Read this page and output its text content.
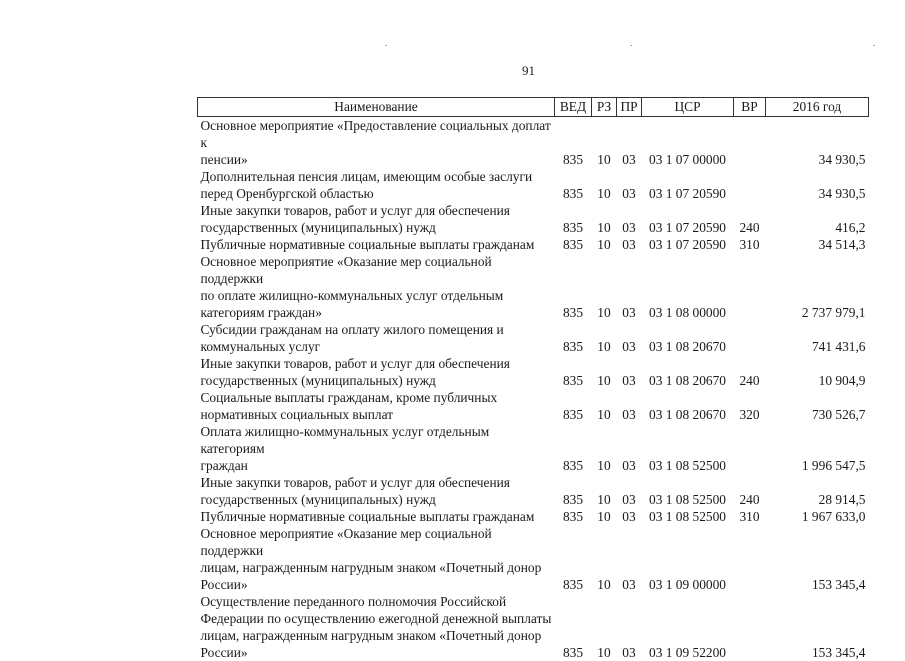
.	.	.
91
Наименование	ВЕД	РЗ	ПР	ЦСР	ВР	2016 год
Основное мероприятие «Предоставление социальных доплат к
пенсии»	835	10	03	03 1 07 00000		34 930,5
Дополнительная пенсия лицам, имеющим особые заслуги
перед Оренбургской областью	835	10	03	03 1 07 20590		34 930,5
Иные закупки товаров, работ и услуг для обеспечения
государственных (муниципальных) нужд	835	10	03	03 1 07 20590	240	416,2
Публичные нормативные социальные выплаты гражданам	835	10	03	03 1 07 20590	310	34 514,3
Основное мероприятие «Оказание мер социальной поддержки
по оплате жилищно-коммунальных услуг отдельным
категориям граждан»	835	10	03	03 1 08 00000		2 737 979,1
Субсидии гражданам на оплату жилого помещения и
коммунальных услуг	835	10	03	03 1 08 20670		741 431,6
Иные закупки товаров, работ и услуг для обеспечения
государственных (муниципальных) нужд	835	10	03	03 1 08 20670	240	10 904,9
Социальные выплаты гражданам, кроме публичных
нормативных социальных выплат	835	10	03	03 1 08 20670	320	730 526,7
Оплата жилищно-коммунальных услуг отдельным категориям
граждан	835	10	03	03 1 08 52500		1 996 547,5
Иные закупки товаров, работ и услуг для обеспечения
государственных (муниципальных) нужд	835	10	03	03 1 08 52500	240	28 914,5
Публичные нормативные социальные выплаты гражданам	835	10	03	03 1 08 52500	310	1 967 633,0
Основное мероприятие «Оказание мер социальной поддержки
лицам, награжденным нагрудным знаком «Почетный донор
России»	835	10	03	03 1 09 00000		153 345,4
Осуществление переданного полномочия Российской
Федерации по осуществлению ежегодной денежной выплаты
лицам, награжденным нагрудным знаком «Почетный донор
России»	835	10	03	03 1 09 52200		153 345,4
